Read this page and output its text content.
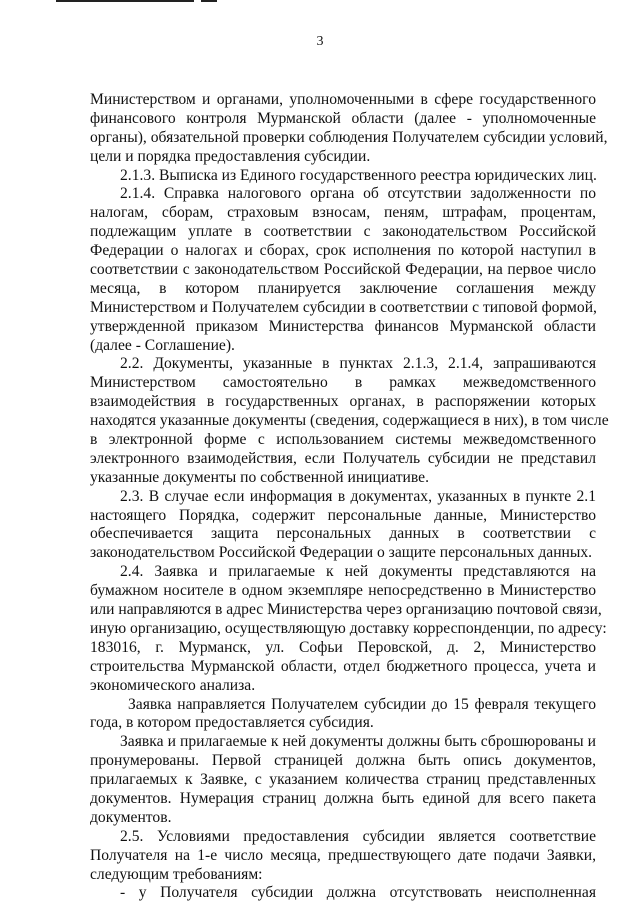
3
Министерством и органами, уполномоченными в сфере государственного
финансового контроля Мурманской области (далее - уполномоченные
органы), обязательной проверки соблюдения Получателем субсидии условий,
цели и порядка предоставления субсидии.
2.1.3. Выписка из Единого государственного реестра юридических лиц.
2.1.4. Справка налогового органа об отсутствии задолженности по
налогам, сборам, страховым взносам, пеням, штрафам, процентам,
подлежащим уплате в соответствии с законодательством Российской
Федерации о налогах и сборах, срок исполнения по которой наступил в
соответствии с законодательством Российской Федерации, на первое число
месяца, в котором планируется заключение соглашения между
Министерством и Получателем субсидии в соответствии с типовой формой,
утвержденной приказом Министерства финансов Мурманской области
(далее - Соглашение).
2.2. Документы, указанные в пунктах 2.1.3, 2.1.4, запрашиваются
Министерством самостоятельно в рамках межведомственного
взаимодействия в государственных органах, в распоряжении которых
находятся указанные документы (сведения, содержащиеся в них), в том числе
в электронной форме с использованием системы межведомственного
электронного взаимодействия, если Получатель субсидии не представил
указанные документы по собственной инициативе.
2.3. В случае если информация в документах, указанных в пункте 2.1
настоящего Порядка, содержит персональные данные, Министерство
обеспечивается защита персональных данных в соответствии с
законодательством Российской Федерации о защите персональных данных.
2.4. Заявка и прилагаемые к ней документы представляются на
бумажном носителе в одном экземпляре непосредственно в Министерство
или направляются в адрес Министерства через организацию почтовой связи,
иную организацию, осуществляющую доставку корреспонденции, по адресу:
183016, г. Мурманск, ул. Софьи Перовской, д. 2, Министерство
строительства Мурманской области, отдел бюджетного процесса, учета и
экономического анализа.
Заявка направляется Получателем субсидии до 15 февраля текущего
года, в котором предоставляется субсидия.
Заявка и прилагаемые к ней документы должны быть сброшюрованы и
пронумерованы. Первой страницей должна быть опись документов,
прилагаемых к Заявке, с указанием количества страниц представленных
документов. Нумерация страниц должна быть единой для всего пакета
документов.
2.5. Условиями предоставления субсидии является соответствие
Получателя на 1-е число месяца, предшествующего дате подачи Заявки,
следующим требованиям:
- у Получателя субсидии должна отсутствовать неисполненная
